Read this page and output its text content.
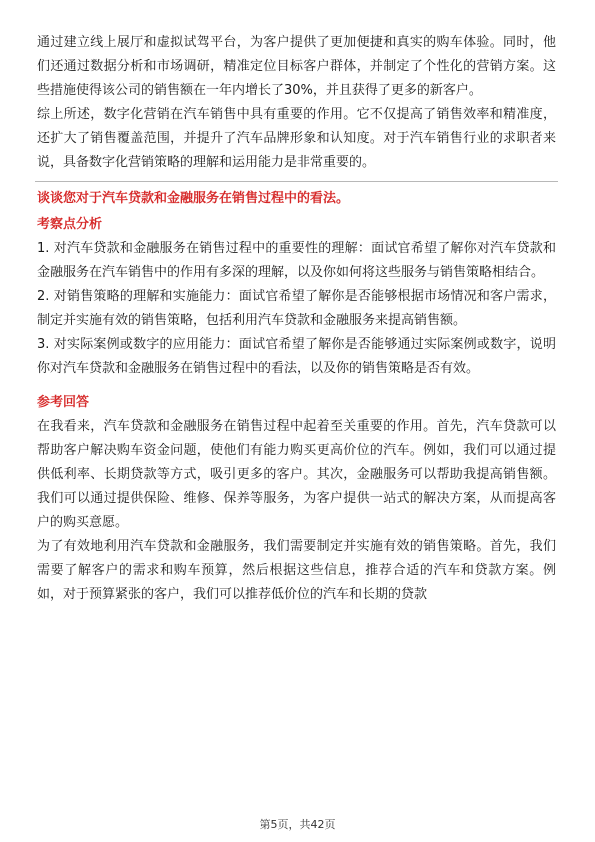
通过建立线上展厅和虚拟试驾平台，为客户提供了更加便捷和真实的购车体验。同时，他们还通过数据分析和市场调研，精准定位目标客户群体，并制定了个性化的营销方案。这些措施使得该公司的销售额在一年内增长了30%，并且获得了更多的新客户。

综上所述，数字化营销在汽车销售中具有重要的作用。它不仅提高了销售效率和精准度，还扩大了销售覆盖范围，并提升了汽车品牌形象和认知度。对于汽车销售行业的求职者来说，具备数字化营销策略的理解和运用能力是非常重要的。

谈谈您对于汽车贷款和金融服务在销售过程中的看法。

考察点分析

1. 对汽车贷款和金融服务在销售过程中的重要性的理解：面试官希望了解你对汽车贷款和金融服务在汽车销售中的作用有多深的理解，以及你如何将这些服务与销售策略相结合。

2. 对销售策略的理解和实施能力：面试官希望了解你是否能够根据市场情况和客户需求，制定并实施有效的销售策略，包括利用汽车贷款和金融服务来提高销售额。

3. 对实际案例或数字的应用能力：面试官希望了解你是否能够通过实际案例或数字，说明你对汽车贷款和金融服务在销售过程中的看法，以及你的销售策略是否有效。

参考回答

在我看来，汽车贷款和金融服务在销售过程中起着至关重要的作用。首先，汽车贷款可以帮助客户解决购车资金问题，使他们有能力购买更高价位的汽车。例如，我们可以通过提供低利率、长期贷款等方式，吸引更多的客户。其次，金融服务可以帮助我提高销售额。我们可以通过提供保险、维修、保养等服务，为客户提供一站式的解决方案，从而提高客户的购买意愿。

为了有效地利用汽车贷款和金融服务，我们需要制定并实施有效的销售策略。首先，我们需要了解客户的需求和购车预算，然后根据这些信息，推荐合适的汽车和贷款方案。例如，对于预算紧张的客户，我们可以推荐低价位的汽车和长期的贷款

第5页，共42页
